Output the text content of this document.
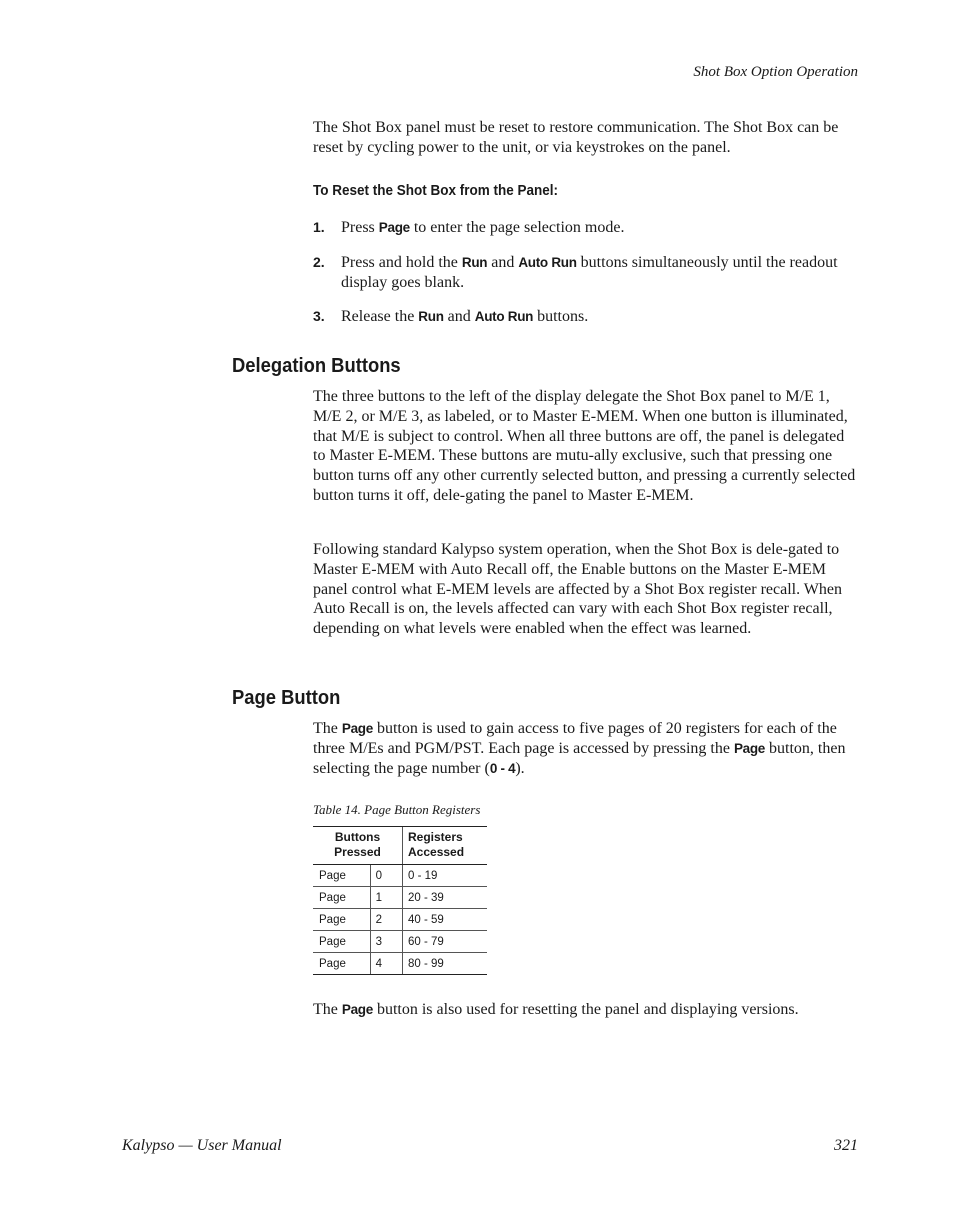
Shot Box Option Operation

The Shot Box panel must be reset to restore communication. The Shot Box can be reset by cycling power to the unit, or via keystrokes on the panel.

To Reset the Shot Box from the Panel:
1.	Press Page to enter the page selection mode.
2.	Press and hold the Run and Auto Run buttons simultaneously until the readout display goes blank.
3.	Release the Run and Auto Run buttons.
Delegation Buttons

The three buttons to the left of the display delegate the Shot Box panel to M/E 1, M/E 2, or M/E 3, as labeled, or to Master E-MEM. When one button is illuminated, that M/E is subject to control. When all three buttons are off, the panel is delegated to Master E-MEM. These buttons are mutu-ally exclusive, such that pressing one button turns off any other currently selected button, and pressing a currently selected button turns it off, dele-gating the panel to Master E-MEM.

Following standard Kalypso system operation, when the Shot Box is dele-gated to Master E-MEM with Auto Recall off, the Enable buttons on the Master E-MEM panel control what E-MEM levels are affected by a Shot Box register recall. When Auto Recall is on, the levels affected can vary with each Shot Box register recall, depending on what levels were enabled when the effect was learned.

Page Button

The Page button is used to gain access to five pages of 20 registers for each of the three M/Es and PGM/PST. Each page is accessed by pressing the Page button, then selecting the page number (0 - 4).

Table 14. Page Button Registers
Buttons Pressed		Registers Accessed
Page	0	0 - 19
Page	1	20 - 39
Page	2	40 - 59
Page	3	60 - 79
Page	4	80 - 99

The Page button is also used for resetting the panel and displaying versions.

Kalypso — User Manual	321
